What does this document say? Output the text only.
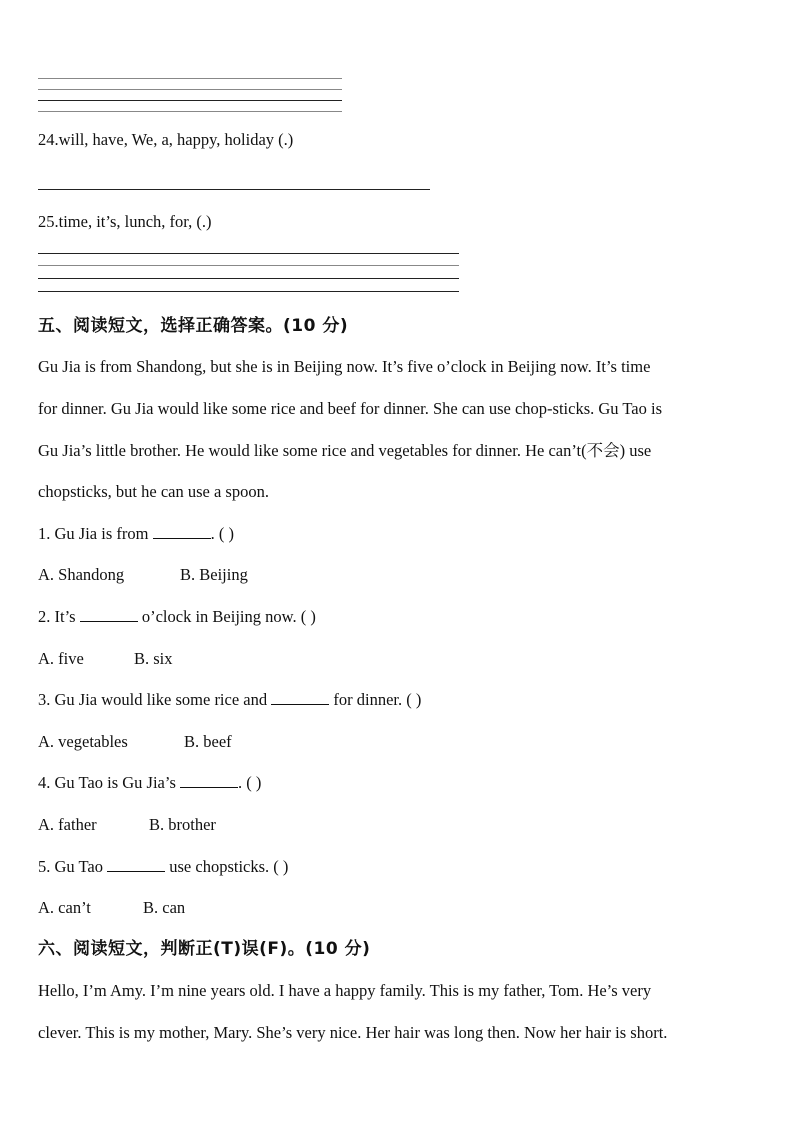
24.will, have, We, a, happy, holiday (.)
25.time, it’s, lunch, for, (.)
五、阅读短文，选择正确答案。(10 分)
Gu Jia is from Shandong, but she is in Beijing now. It’s five o’clock in Beijing now. It’s time
for dinner. Gu Jia would like some rice and beef for dinner. She can use chop-sticks. Gu Tao is
Gu Jia’s little brother. He would like some rice and vegetables for dinner. He can’t(不会) use
chopsticks, but he can use a spoon.
1. Gu Jia is from	. ( )
A. Shandong	B. Beijing
2. It’s	o’clock in Beijing now. ( )
A. five	B. six
3. Gu Jia would like some rice and	for dinner. ( )
A. vegetables	B. beef
4. Gu Tao is Gu Jia’s	. ( )
A. father	B. brother
5. Gu Tao	use chopsticks. ( )
A. can’t	B. can
六、阅读短文，判断正(T)误(F)。(10 分)
Hello, I’m Amy. I’m nine years old. I have a happy family. This is my father, Tom. He’s very
clever. This is my mother, Mary. She’s very nice. Her hair was long then. Now her hair is short.
